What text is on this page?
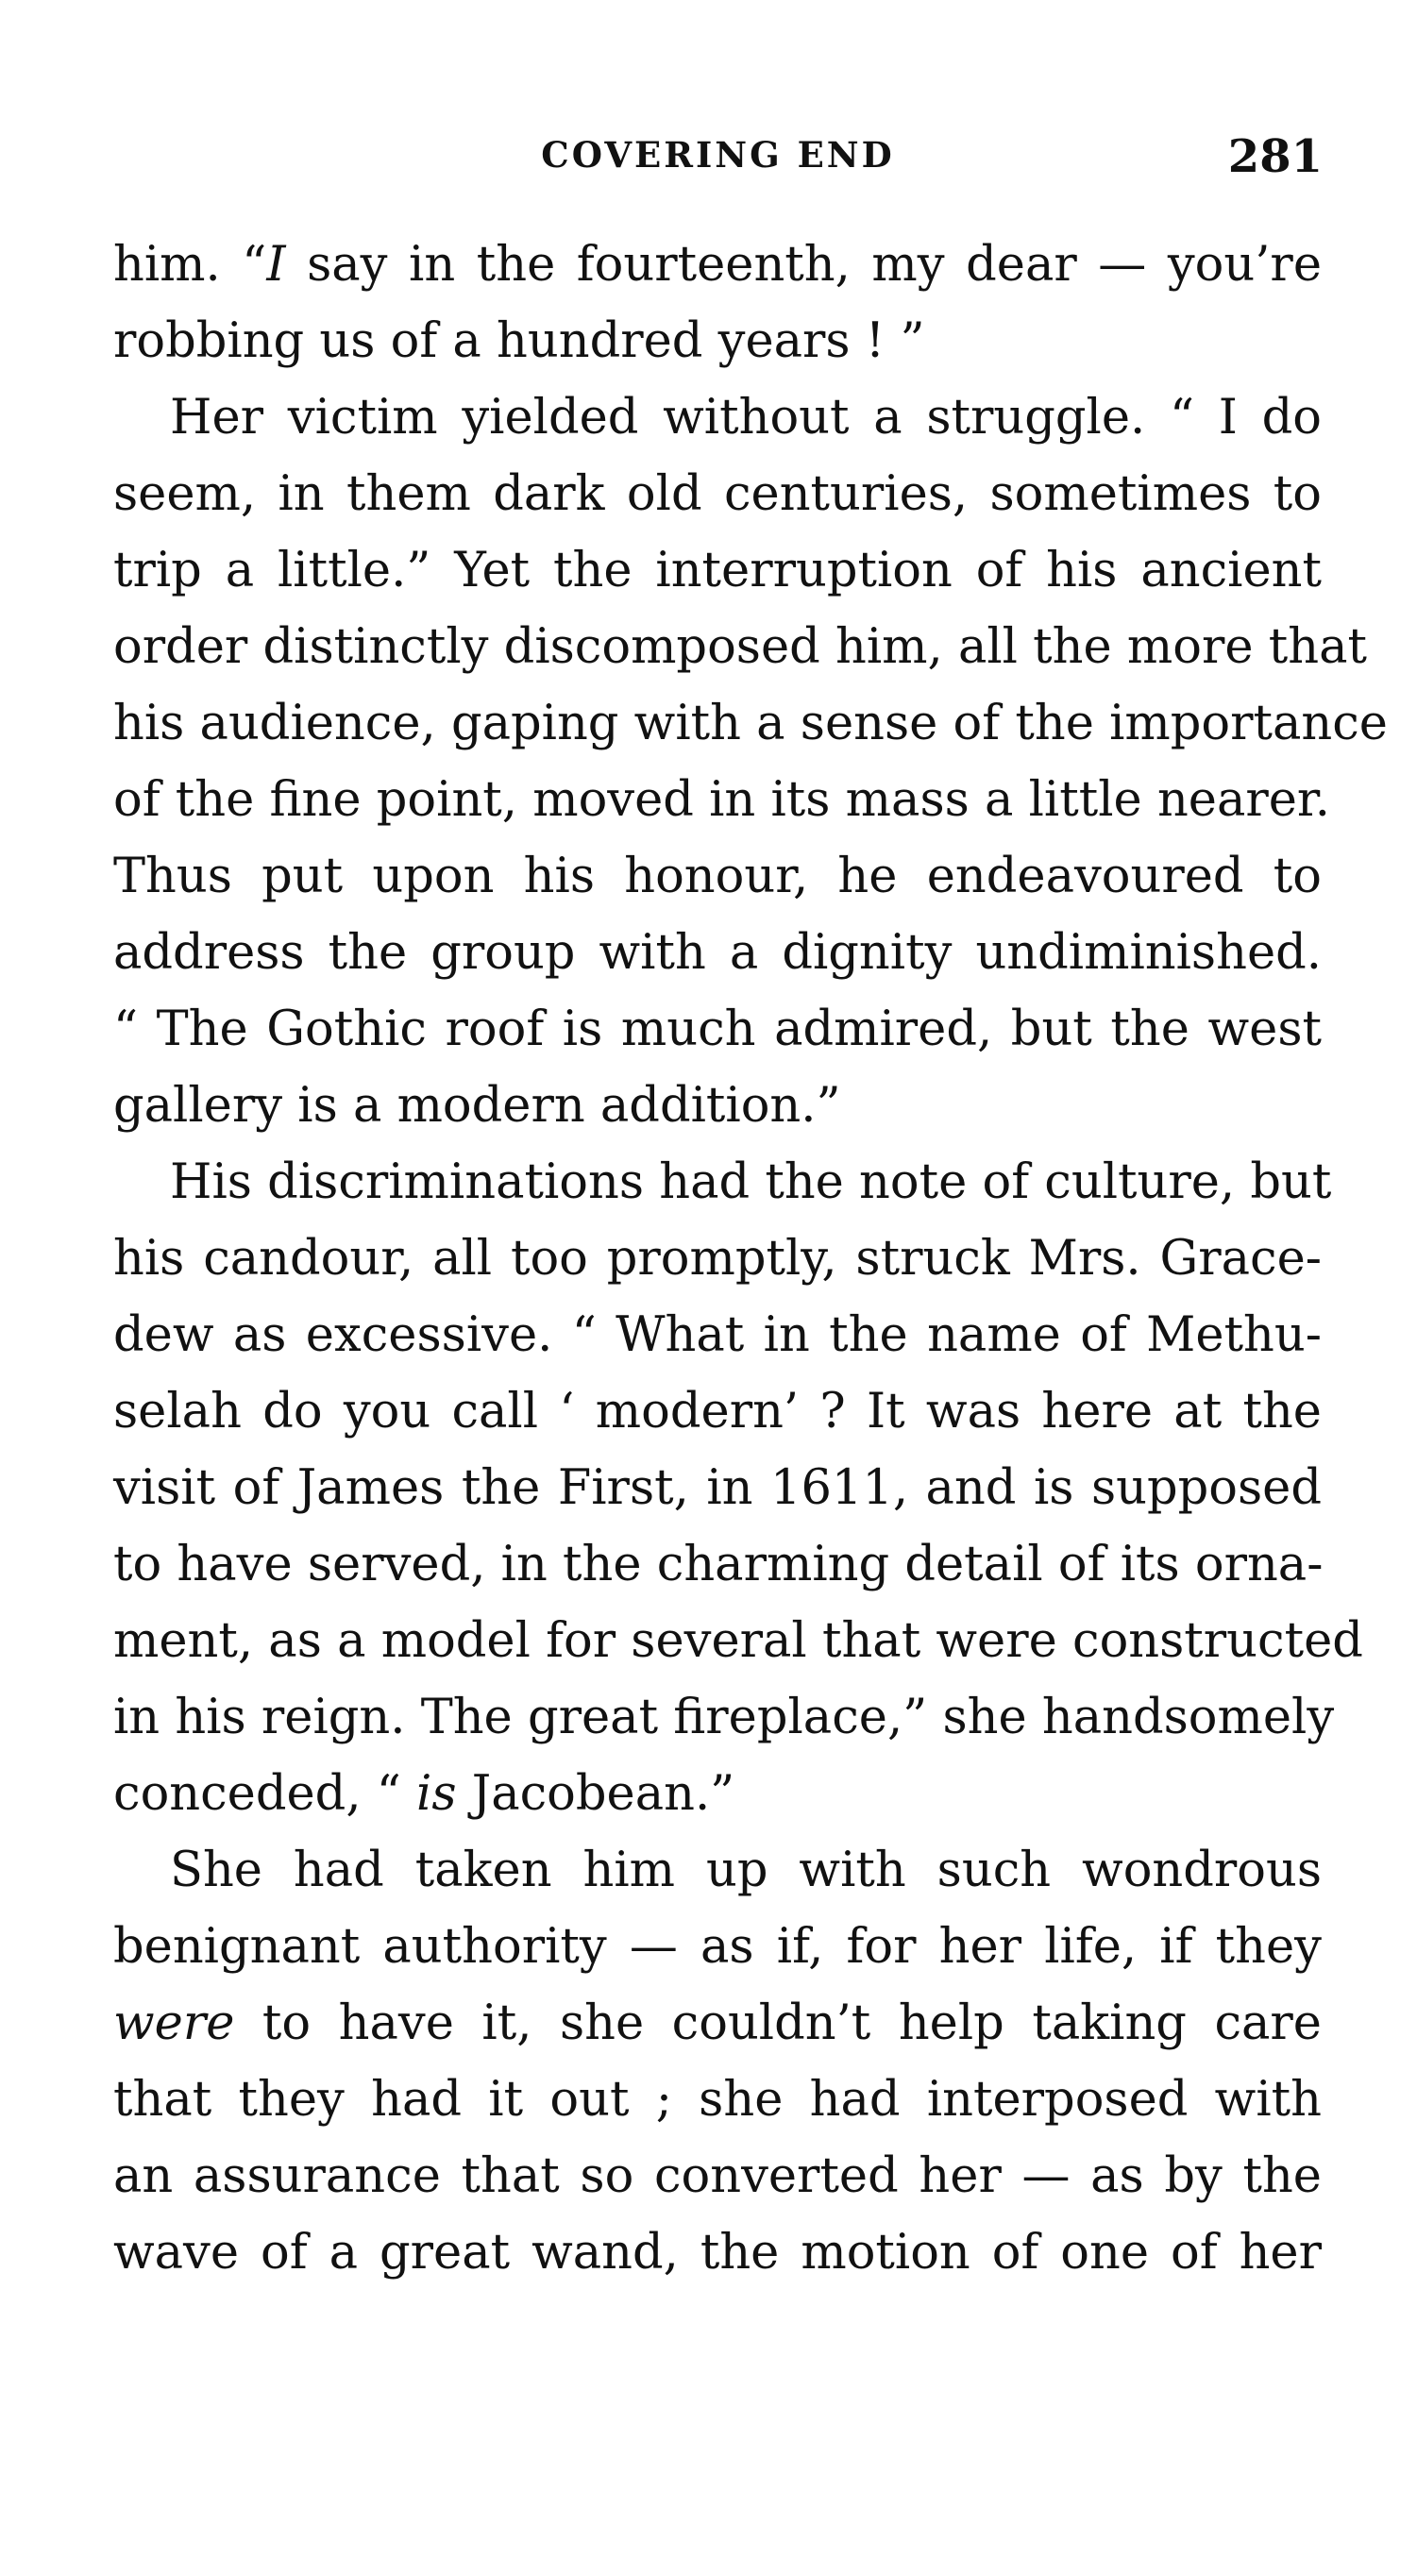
COVERING END	281
him. “I say in the fourteenth, my dear — you’re
robbing us of a hundred years ! ”
Her victim yielded without a struggle. “ I do
seem, in them dark old centuries, sometimes to
trip a little.” Yet the interruption of his ancient
order distinctly discomposed him, all the more that
his audience, gaping with a sense of the importance
of the fine point, moved in its mass a little nearer.
Thus put upon his honour, he endeavoured to
address the group with a dignity undiminished.
“ The Gothic roof is much admired, but the west
gallery is a modern addition.”
His discriminations had the note of culture, but
his candour, all too promptly, struck Mrs. Grace-
dew as excessive. “ What in the name of Methu-
selah do you call ‘ modern’ ? It was here at the
visit of James the First, in 1611, and is supposed
to have served, in the charming detail of its orna-
ment, as a model for several that were constructed
in his reign. The great fireplace,” she handsomely
conceded, “ is Jacobean.”
She had taken him up with such wondrous
benignant authority — as if, for her life, if they
were to have it, she couldn’t help taking care
that they had it out ; she had interposed with
an assurance that so converted her — as by the
wave of a great wand, the motion of one of her
